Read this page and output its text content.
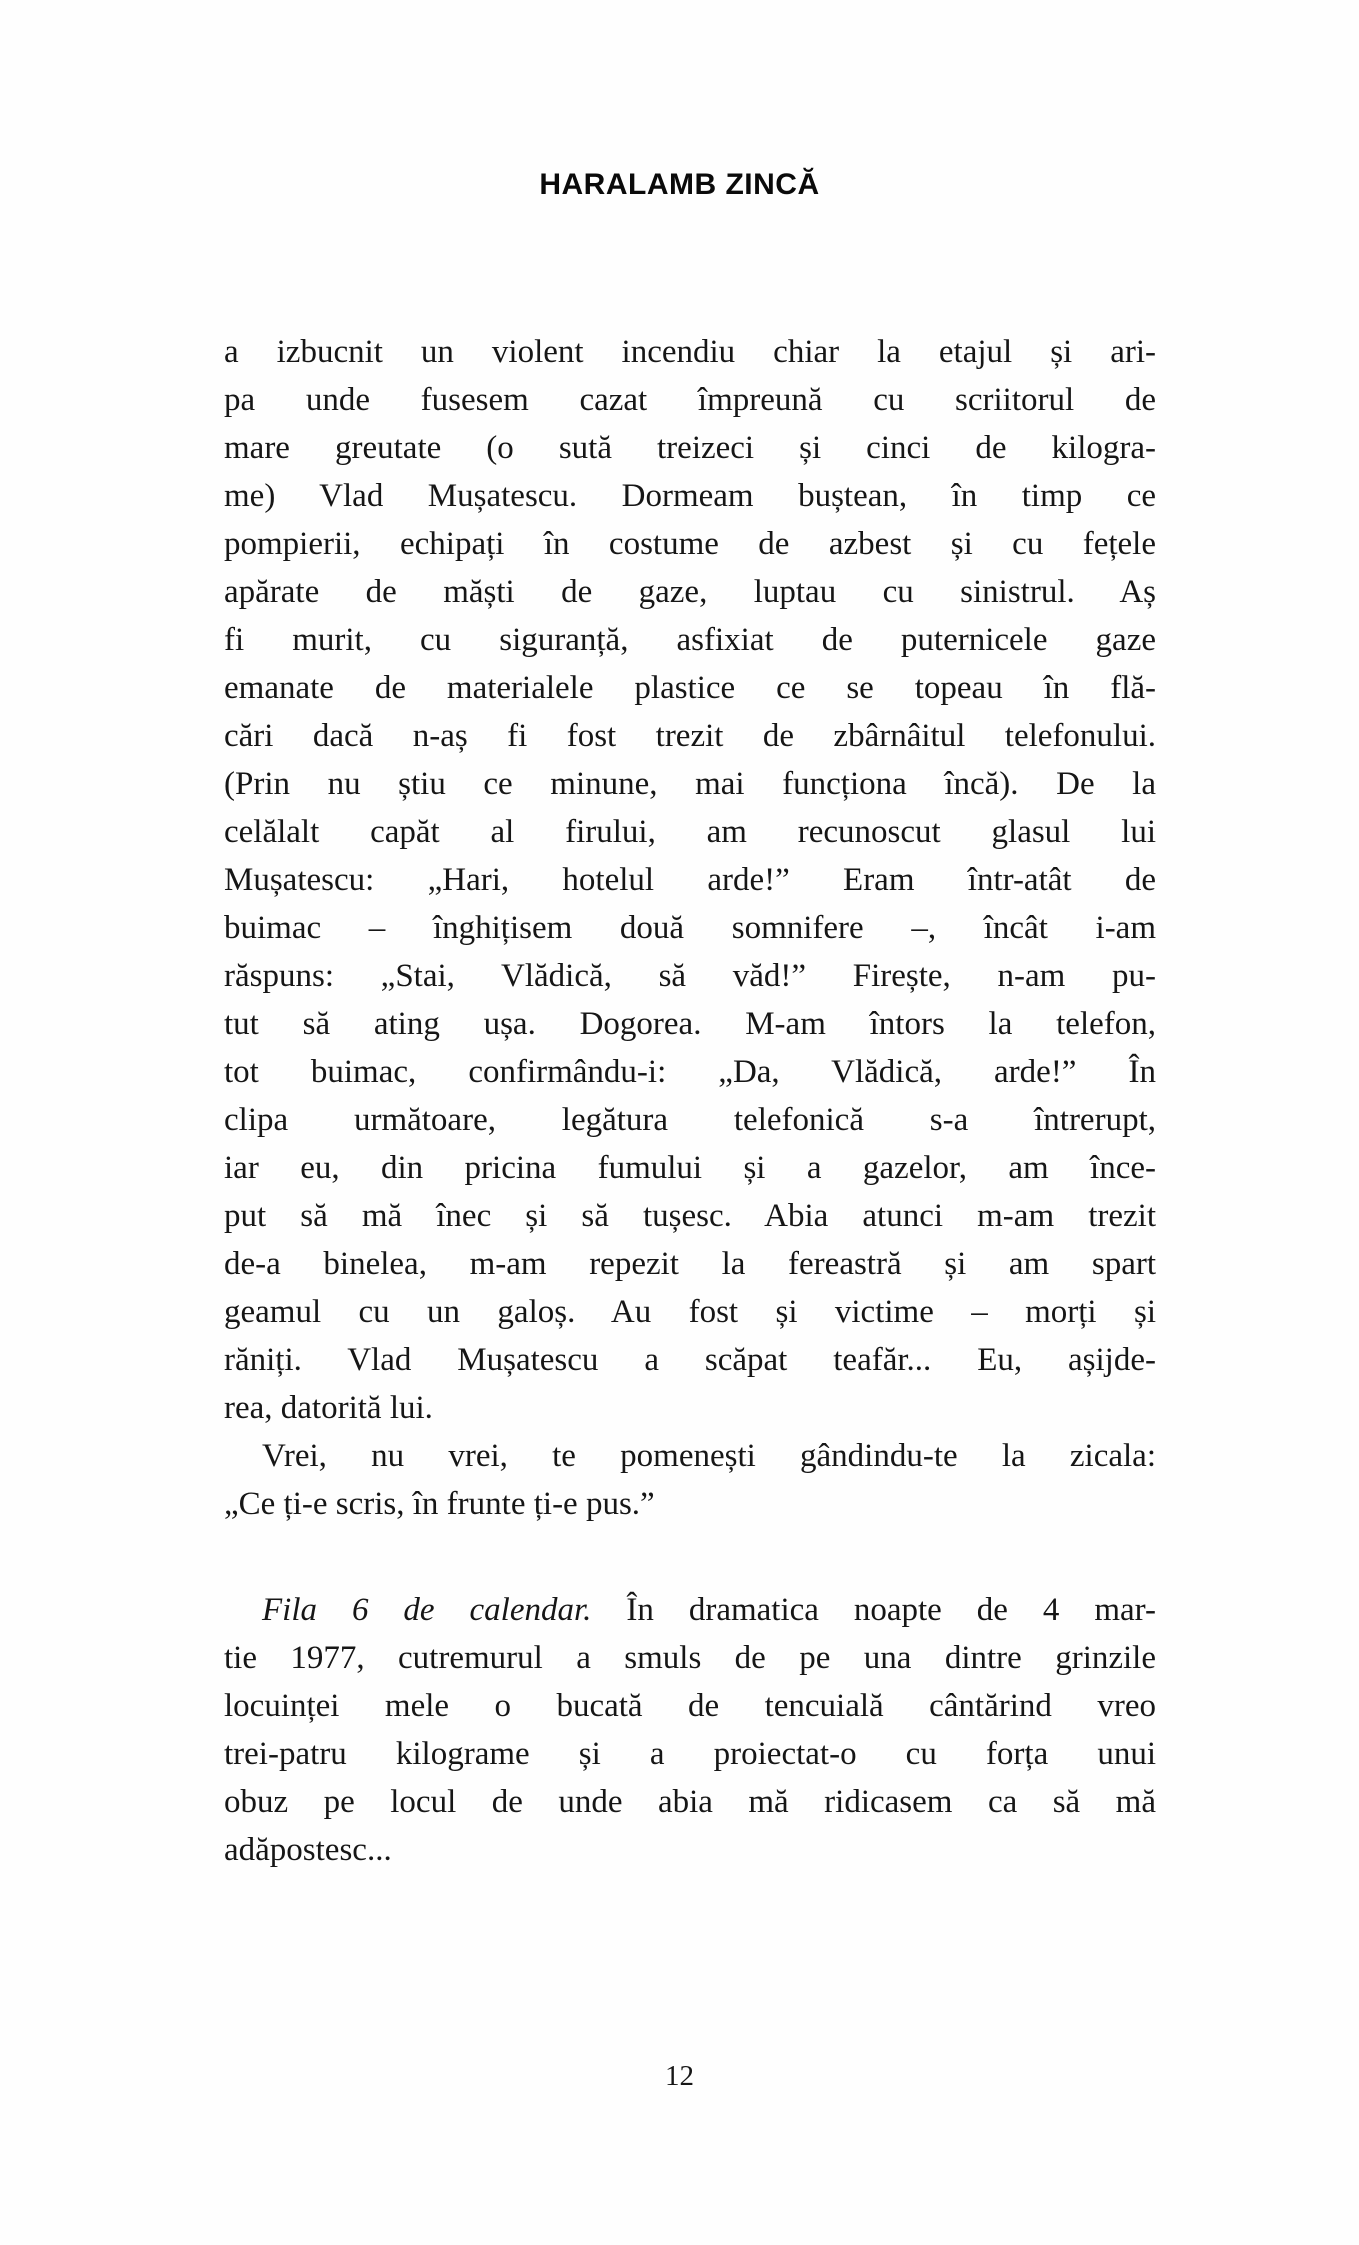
HARALAMB ZINCĂ
a izbucnit un violent incendiu chiar la etajul și ari-
pa unde fusesem cazat împreună cu scriitorul de
mare greutate (o sută treizeci și cinci de kilogra-
me) Vlad Mușatescu. Dormeam buștean, în timp ce
pompierii, echipați în costume de azbest și cu fețele
apărate de măști de gaze, luptau cu sinistrul. Aș
fi murit, cu siguranță, asfixiat de puternicele gaze
emanate de materialele plastice ce se topeau în flă-
cări dacă n-aș fi fost trezit de zbârnâitul telefonului.
(Prin nu știu ce minune, mai funcționa încă). De la
celălalt capăt al firului, am recunoscut glasul lui
Mușatescu: „Hari, hotelul arde!” Eram într-atât de
buimac – înghițisem două somnifere –, încât i-am
răspuns: „Stai, Vlădică, să văd!” Firește, n-am pu-
tut să ating ușa. Dogorea. M-am întors la telefon,
tot buimac, confirmându-i: „Da, Vlădică, arde!” În
clipa următoare, legătura telefonică s-a întrerupt,
iar eu, din pricina fumului și a gazelor, am înce-
put să mă înec și să tușesc. Abia atunci m-am trezit
de-a binelea, m-am repezit la fereastră și am spart
geamul cu un galoș. Au fost și victime – morți și
răniți. Vlad Mușatescu a scăpat teafăr... Eu, așijde-
rea, datorită lui.
Vrei, nu vrei, te pomenești gândindu-te la zicala:
„Ce ți-e scris, în frunte ți-e pus.”
Fila 6 de calendar. În dramatica noapte de 4 mar-
tie 1977, cutremurul a smuls de pe una dintre grinzile
locuinței mele o bucată de tencuială cântărind vreo
trei-patru kilograme și a proiectat-o cu forța unui
obuz pe locul de unde abia mă ridicasem ca să mă
adăpostesc...
12
